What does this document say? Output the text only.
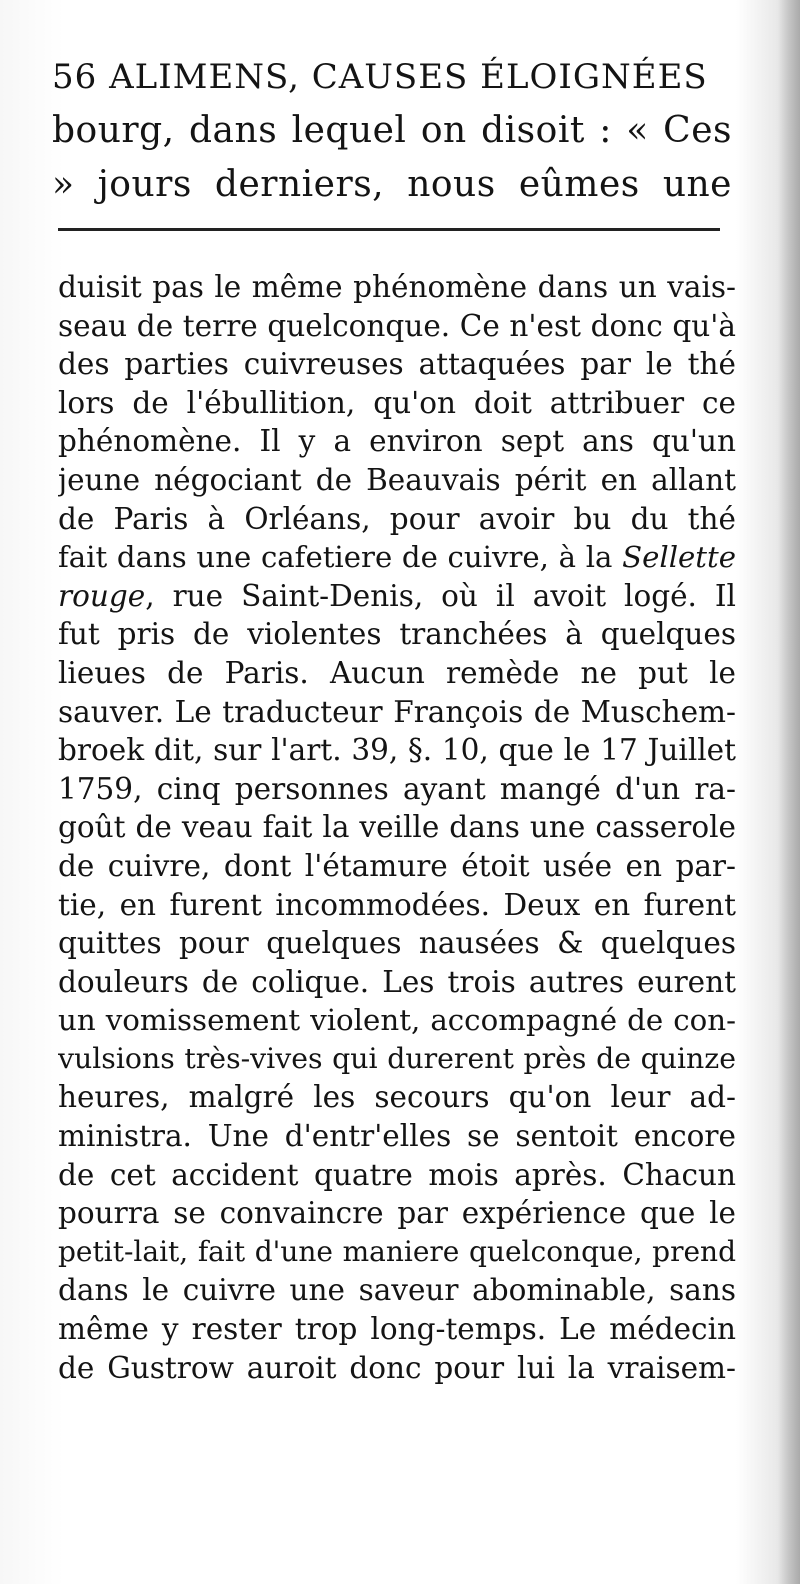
56 ALIMENS, CAUSES ÉLOIGNÉES
bourg, dans lequel on disoit : « Ces
» jours derniers, nous eûmes une
duisit pas le même phénomène dans un vais-
seau de terre quelconque. Ce n'est donc qu'à
des parties cuivreuses attaquées par le thé
lors de l'ébullition, qu'on doit attribuer ce
phénomène. Il y a environ sept ans qu'un
jeune négociant de Beauvais périt en allant
de Paris à Orléans, pour avoir bu du thé
fait dans une cafetiere de cuivre, à la Sellette
rouge, rue Saint-Denis, où il avoit logé. Il
fut pris de violentes tranchées à quelques
lieues de Paris. Aucun remède ne put le
sauver. Le traducteur François de Muschem-
broek dit, sur l'art. 39, §. 10, que le 17 Juillet
1759, cinq personnes ayant mangé d'un ra-
goût de veau fait la veille dans une casserole
de cuivre, dont l'étamure étoit usée en par-
tie, en furent incommodées. Deux en furent
quittes pour quelques nausées & quelques
douleurs de colique. Les trois autres eurent
un vomissement violent, accompagné de con-
vulsions très-vives qui durerent près de quinze
heures, malgré les secours qu'on leur ad-
ministra. Une d'entr'elles se sentoit encore
de cet accident quatre mois après. Chacun
pourra se convaincre par expérience que le
petit-lait, fait d'une maniere quelconque, prend
dans le cuivre une saveur abominable, sans
même y rester trop long-temps. Le médecin
de Gustrow auroit donc pour lui la vraisem-
